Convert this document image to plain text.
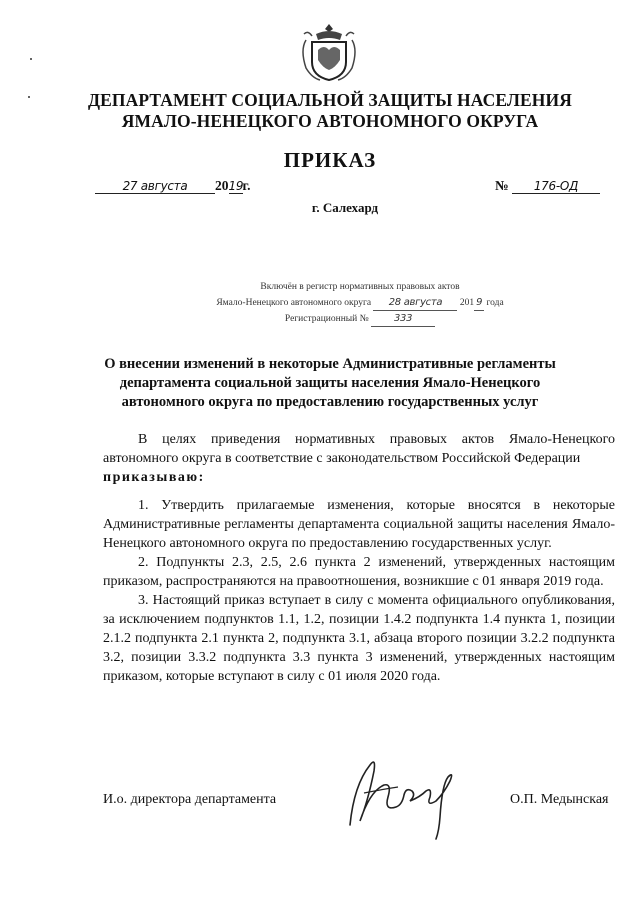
ДЕПАРТАМЕНТ СОЦИАЛЬНОЙ ЗАЩИТЫ НАСЕЛЕНИЯ
ЯМАЛО-НЕНЕЦКОГО АВТОНОМНОГО ОКРУГА
ПРИКАЗ
27 августа 2019г.	№ 176-ОД
г. Салехард
Включён в регистр нормативных правовых актов
Ямало-Ненецкого автономного округа 28 августа 201 9 года
Регистрационный №	333
О внесении изменений в некоторые Административные регламенты департамента социальной защиты населения Ямало-Ненецкого автономного округа по предоставлению государственных услуг

В целях приведения нормативных правовых актов Ямало-Ненецкого автономного округа в соответствие с законодательством Российской Федерации
приказываю:

1. Утвердить прилагаемые изменения, которые вносятся в некоторые Административные регламенты департамента социальной защиты населения Ямало-Ненецкого автономного округа по предоставлению государственных услуг.

2. Подпункты 2.3, 2.5, 2.6 пункта 2 изменений, утвержденных настоящим приказом, распространяются на правоотношения, возникшие с 01 января 2019 года.

3. Настоящий приказ вступает в силу с момента официального опубликования, за исключением подпунктов 1.1, 1.2, позиции 1.4.2 подпункта 1.4 пункта 1, позиции 2.1.2 подпункта 2.1 пункта 2, подпункта 3.1, абзаца второго позиции 3.2.2 подпункта 3.2, позиции 3.3.2 подпункта 3.3 пункта 3 изменений, утвержденных настоящим приказом, которые вступают в силу с 01 июля 2020 года.

И.о. директора департамента	О.П. Медынская
